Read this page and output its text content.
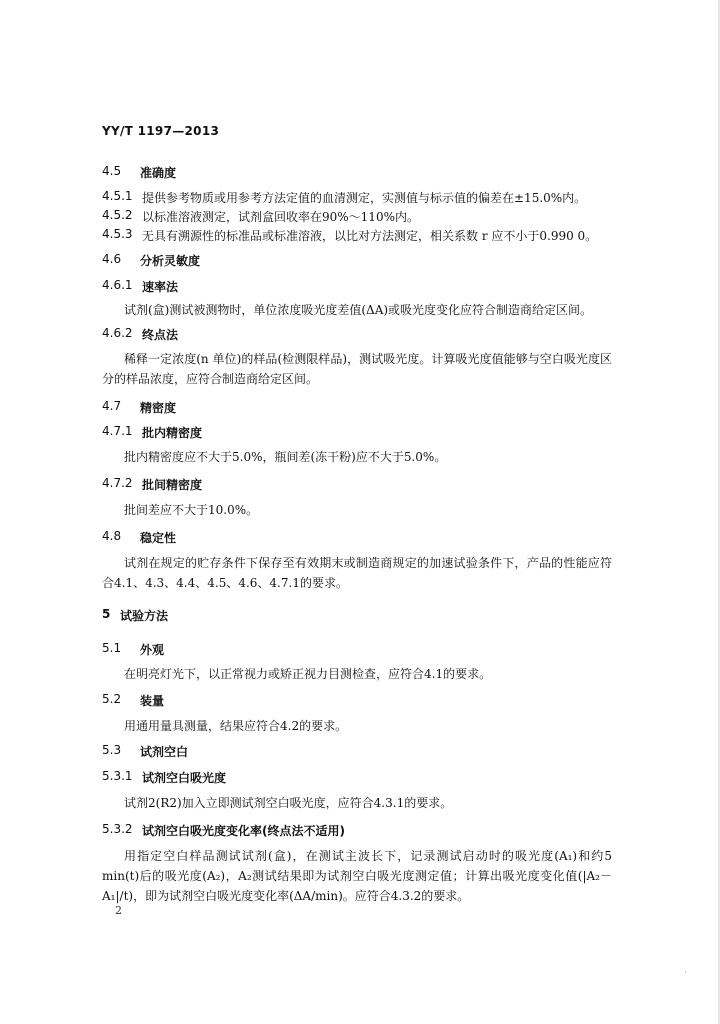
YY/T 1197—2013
4.5 准确度
4.5.1 提供参考物质或用参考方法定值的血清测定，实测值与标示值的偏差在±15.0%内。
4.5.2 以标准溶液测定，试剂盒回收率在90%～110%内。
4.5.3 无具有溯源性的标准品或标准溶液，以比对方法测定，相关系数 r 应不小于0.990 0。
4.6 分析灵敏度
4.6.1 速率法
试剂(盒)测试被测物时，单位浓度吸光度差值(ΔA)或吸光度变化应符合制造商给定区间。
4.6.2 终点法
稀释一定浓度(n 单位)的样品(检测限样品)，测试吸光度。计算吸光度值能够与空白吸光度区分的样品浓度，应符合制造商给定区间。
4.7 精密度
4.7.1 批内精密度
批内精密度应不大于5.0%，瓶间差(冻干粉)应不大于5.0%。
4.7.2 批间精密度
批间差应不大于10.0%。
4.8 稳定性
试剂在规定的贮存条件下保存至有效期末或制造商规定的加速试验条件下，产品的性能应符合4.1、4.3、4.4、4.5、4.6、4.7.1的要求。
5 试验方法
5.1 外观
在明亮灯光下，以正常视力或矫正视力目测检查，应符合4.1的要求。
5.2 装量
用通用量具测量，结果应符合4.2的要求。
5.3 试剂空白
5.3.1 试剂空白吸光度
试剂2(R2)加入立即测试剂空白吸光度，应符合4.3.1的要求。
5.3.2 试剂空白吸光度变化率(终点法不适用)
用指定空白样品测试试剂(盒)，在测试主波长下，记录测试启动时的吸光度(A₁)和约5 min(t)后的吸光度(A₂)，A₂测试结果即为试剂空白吸光度测定值；计算出吸光度变化值(|A₂－A₁|/t)，即为试剂空白吸光度变化率(ΔA/min)。应符合4.3.2的要求。
2
·
